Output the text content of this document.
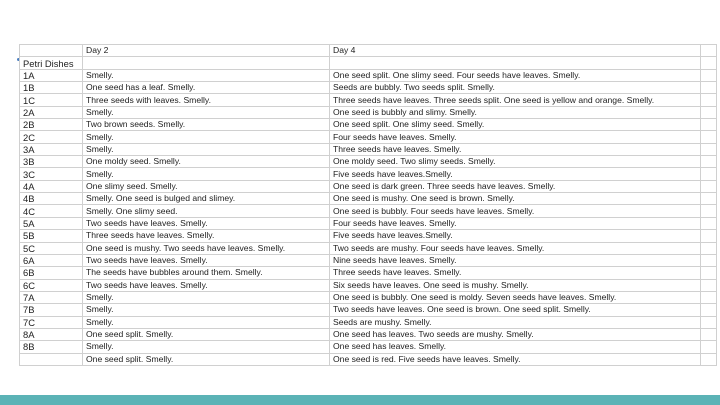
	Day 2	Day 4	
Petri Dishes			
1A	Smelly.	One seed split. One slimy seed. Four seeds have leaves. Smelly.	
1B	One seed has a leaf. Smelly.	Seeds are bubbly. Two seeds split. Smelly.	
1C	Three seeds with leaves. Smelly.	Three seeds have leaves. Three seeds split. One seed is yellow and orange. Smelly.	
2A	Smelly.	One seed is bubbly and slimy. Smelly.	
2B	Two brown seeds. Smelly.	One seed split. One slimy seed. Smelly.	
2C	Smelly.	Four seeds have leaves. Smelly.	
3A	Smelly.	Three seeds have leaves. Smelly.	
3B	One moldy seed. Smelly.	One moldy seed. Two slimy seeds. Smelly.	
3C	Smelly.	Five seeds have leaves.Smelly.	
4A	One slimy seed. Smelly.	One seed is dark green. Three seeds have leaves. Smelly.	
4B	Smelly. One seed is bulged and slimey.	One seed is mushy. One seed is brown. Smelly.	
4C	Smelly. One slimy seed.	One seed is bubbly. Four seeds have leaves. Smelly.	
5A	Two seeds have leaves. Smelly.	Four seeds have leaves. Smelly.	
5B	Three seeds have leaves. Smelly.	Five seeds have leaves.Smelly.	
5C	One seed is mushy. Two seeds have leaves. Smelly.	Two seeds are mushy. Four seeds have leaves. Smelly.	
6A	Two seeds have leaves. Smelly.	Nine seeds have leaves. Smelly.	
6B	The seeds have bubbles around them. Smelly.	Three seeds have leaves. Smelly.	
6C	Two seeds have leaves. Smelly.	Six seeds have leaves. One seed is mushy. Smelly.	
7A	Smelly.	One seed is bubbly. One seed is moldy. Seven seeds have leaves. Smelly.	
7B	Smelly.	Two seeds have leaves. One seed is brown. One seed split. Smelly.	
7C	Smelly.	Seeds are mushy. Smelly.	
8A	One seed split. Smelly.	One seed has leaves. Two seeds are mushy. Smelly.	
8B	Smelly.	One seed has leaves. Smelly.	
	One seed split. Smelly.	One seed is red. Five seeds have leaves. Smelly.	
